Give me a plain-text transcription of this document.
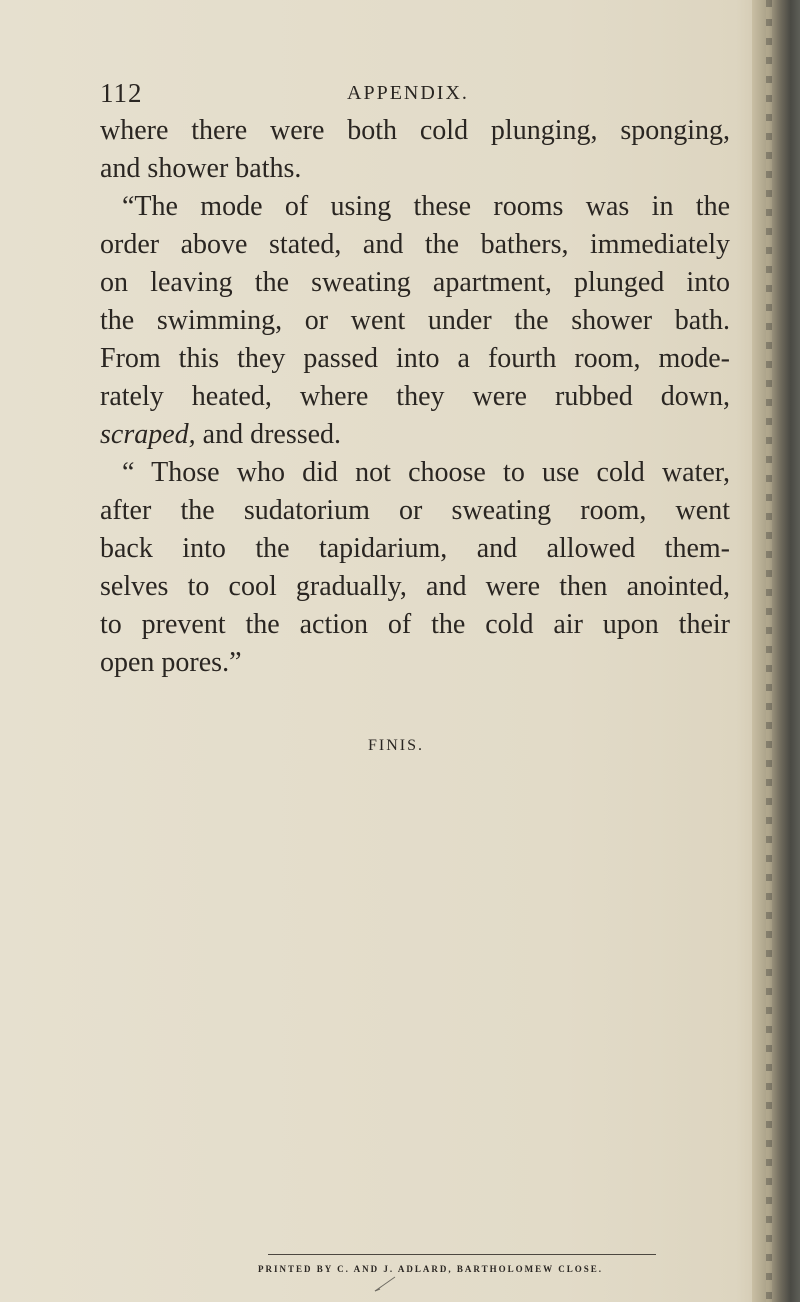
112	APPENDIX.
where there were both cold plunging, sponging,
and shower baths.
“The mode of using these rooms was in the
order above stated, and the bathers, immediately
on leaving the sweating apartment, plunged into
the swimming, or went under the shower bath.
From this they passed into a fourth room, mode-
rately heated, where they were rubbed down,
scraped, and dressed.
“ Those who did not choose to use cold water,
after the sudatorium or sweating room, went
back into the tapidarium, and allowed them-
selves to cool gradually, and were then anointed,
to prevent the action of the cold air upon their
open pores.”
FINIS.
PRINTED BY C. AND J. ADLARD, BARTHOLOMEW CLOSE.
